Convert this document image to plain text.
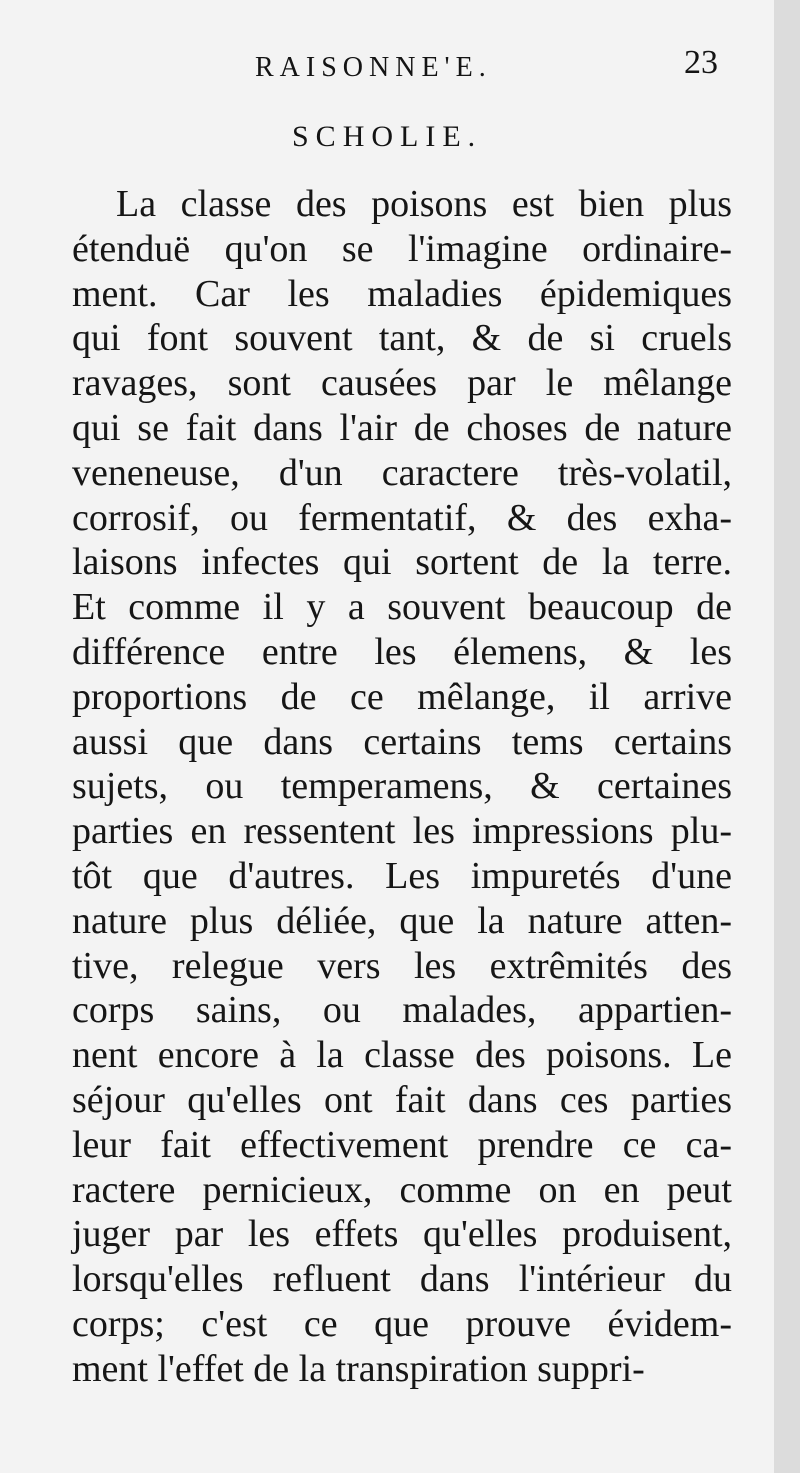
RAISONNE'E.	23
SCHOLIE.
La classe des poisons est bien plus
étenduë qu'on se l'imagine ordinaire-
ment. Car les maladies épidemiques
qui font souvent tant, & de si cruels
ravages, sont causées par le mêlange
qui se fait dans l'air de choses de nature
veneneuse, d'un caractere très-volatil,
corrosif, ou fermentatif, & des exha-
laisons infectes qui sortent de la terre.
Et comme il y a souvent beaucoup de
différence entre les élemens, & les
proportions de ce mêlange, il arrive
aussi que dans certains tems certains
sujets, ou temperamens, & certaines
parties en ressentent les impressions plu-
tôt que d'autres. Les impuretés d'une
nature plus déliée, que la nature atten-
tive, relegue vers les extrêmités des
corps sains, ou malades, appartien-
nent encore à la classe des poisons. Le
séjour qu'elles ont fait dans ces parties
leur fait effectivement prendre ce ca-
ractere pernicieux, comme on en peut
juger par les effets qu'elles produisent,
lorsqu'elles refluent dans l'intérieur du
corps; c'est ce que prouve évidem-
ment l'effet de la transpiration suppri-
